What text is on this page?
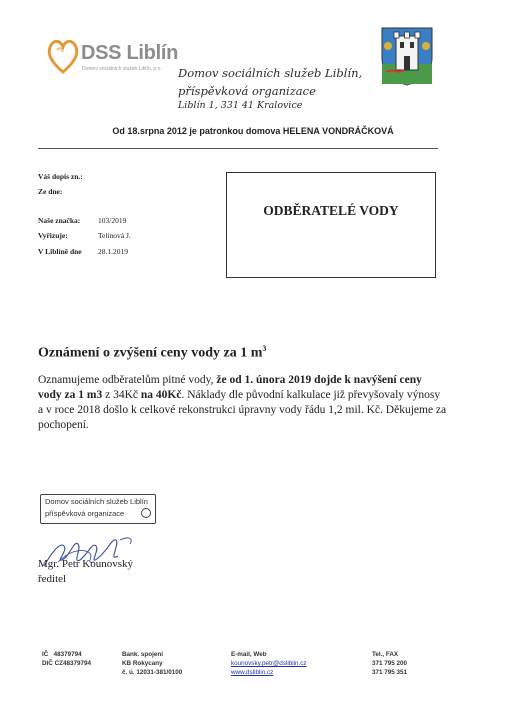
DSS Liblín
Domov sociálních služeb Liblín, p.o. Domov sociálních služeb Liblín,
příspěvková organizace
Liblín 1, 331 41 Kralovice
Od 18.srpna 2012 je patronkou domova HELENA VONDRÁČKOVÁ
Váš dopis zn.:
Ze dne:
Naše značka: 103/2019
Vyřizuje:	Telínová J.
V Liblíně dne 28.1.2019
ODBĚRATELÉ VODY
Oznámení o zvýšení ceny vody za 1 $m^3$
Oznamujeme odběratelům pitné vody, že od 1. února 2019 dojde k navýšení ceny vody za 1 m3 z 34Kč na 40Kč. Náklady dle původní kalkulace již převyšovaly výnosy a v roce 2018 došlo k celkové rekonstrukci úpravny vody řádu 1,2 mil. Kč. Děkujeme za pochopení.
Domov sociálních služeb Liblín
příspěvková organizace
Mgr. Petr Kounovský
ředitel
IČ 48379794
DIČ CZ48379794
Bank. spojení
KB Rokycany
č. ú. 12031-381/0100
E-mail, Web
kounovsky.petr@dsliblin.cz
www.dsliblin.cz
Tel., FAX
371 795 200
371 795 351
